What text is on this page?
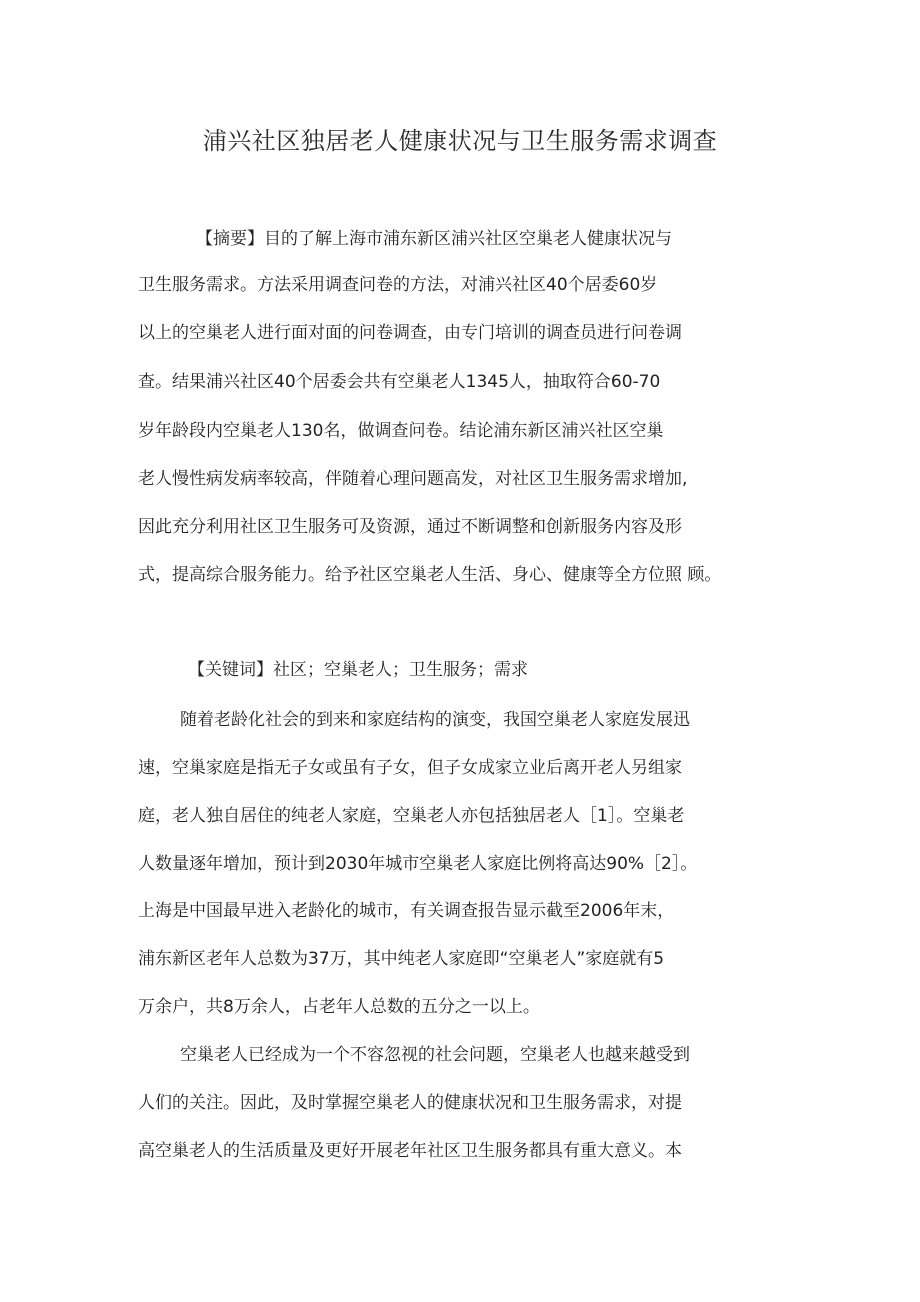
浦兴社区独居老人健康状况与卫生服务需求调查
【摘要】目的了解上海市浦东新区浦兴社区空巢老人健康状况与
卫生服务需求。方法采用调查问卷的方法，对浦兴社区40个居委60岁
以上的空巢老人进行面对面的问卷调查，由专门培训的调查员进行问卷调
查。结果浦兴社区40个居委会共有空巢老人1345人，抽取符合60-70
岁年龄段内空巢老人130名，做调查问卷。结论浦东新区浦兴社区空巢
老人慢性病发病率较高，伴随着心理问题高发，对社区卫生服务需求增加,
因此充分利用社区卫生服务可及资源，通过不断调整和创新服务内容及形
式，提高综合服务能力。给予社区空巢老人生活、身心、健康等全方位照 顾。
【关键词】社区；空巢老人；卫生服务；需求
随着老龄化社会的到来和家庭结构的演变，我国空巢老人家庭发展迅
速，空巢家庭是指无子女或虽有子女，但子女成家立业后离开老人另组家
庭，老人独自居住的纯老人家庭，空巢老人亦包括独居老人［1］。空巢老
人数量逐年增加，预计到2030年城市空巢老人家庭比例将高达90%［2］。
上海是中国最早进入老龄化的城市，有关调查报告显示截至2006年末，
浦东新区老年人总数为37万，其中纯老人家庭即“空巢老人”家庭就有5
万余户，共8万余人，占老年人总数的五分之一以上。
空巢老人已经成为一个不容忽视的社会问题，空巢老人也越来越受到
人们的关注。因此，及时掌握空巢老人的健康状况和卫生服务需求，对提
高空巢老人的生活质量及更好开展老年社区卫生服务都具有重大意义。本
